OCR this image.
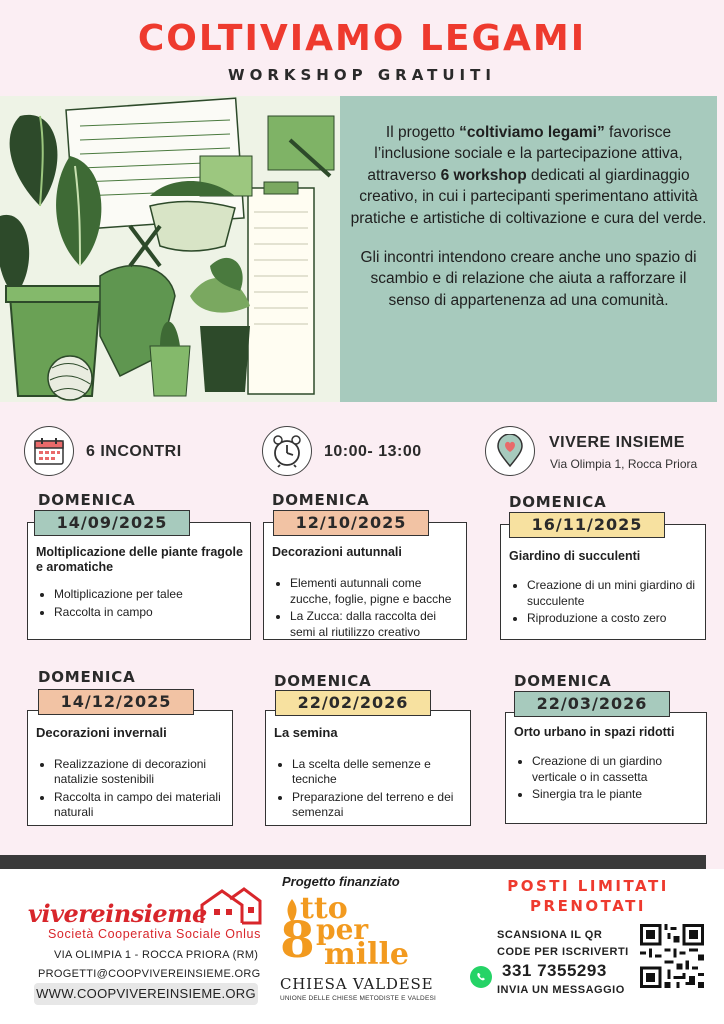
COLTIVIAMO LEGAMI
WORKSHOP GRATUITI

Il progetto “coltiviamo legami” favorisce l’inclusione sociale e la partecipazione attiva, attraverso 6 workshop dedicati al giardinaggio creativo, in cui i partecipanti sperimentano attività pratiche e artistiche di coltivazione e cura del verde.

Gli incontri intendono creare anche uno spazio di scambio e di relazione che aiuta a rafforzare il senso di appartenenza ad una comunità.

6 INCONTRI	10:00- 13:00
VIVERE INSIEME
Via Olimpia 1, Rocca Priora
Moltiplicazione delle piante fragole e aromatiche
• Moltiplicazione per talee
• Raccolta in campo
DOMENICA
14/09/2025
Decorazioni autunnali
• Elementi autunnali come zucche, foglie, pigne e bacche
• La Zucca: dalla raccolta dei semi al riutilizzo creativo
DOMENICA
12/10/2025
Giardino di succulenti
• Creazione di un mini giardino di succulente
• Riproduzione a costo zero
DOMENICA
16/11/2025
Decorazioni invernali
• Realizzazione di decorazioni natalizie sostenibili
• Raccolta in campo dei materiali naturali
DOMENICA
14/12/2025
La semina
• La scelta delle semenze e tecniche
• Preparazione del terreno e dei semenzai
DOMENICA
22/02/2026
Orto urbano in spazi ridotti
• Creazione di un giardino verticale o in cassetta
• Sinergia tra le piante
DOMENICA
22/03/2026
vivereinsieme
Società Cooperativa Sociale Onlus
VIA OLIMPIA 1 - ROCCA PRIORA (RM)
PROGETTI@COOPVIVEREINSIEME.ORG
WWW.COOPVIVEREINSIEME.ORG
Progetto finanziato
tto
8 per
mille
CHIESA VALDESE
UNIONE DELLE CHIESE METODISTE E VALDESI
POSTI LIMITATI
PRENOTATI
SCANSIONA IL QR
CODE PER ISCRIVERTI
331 7355293
INVIA UN MESSAGGIO
